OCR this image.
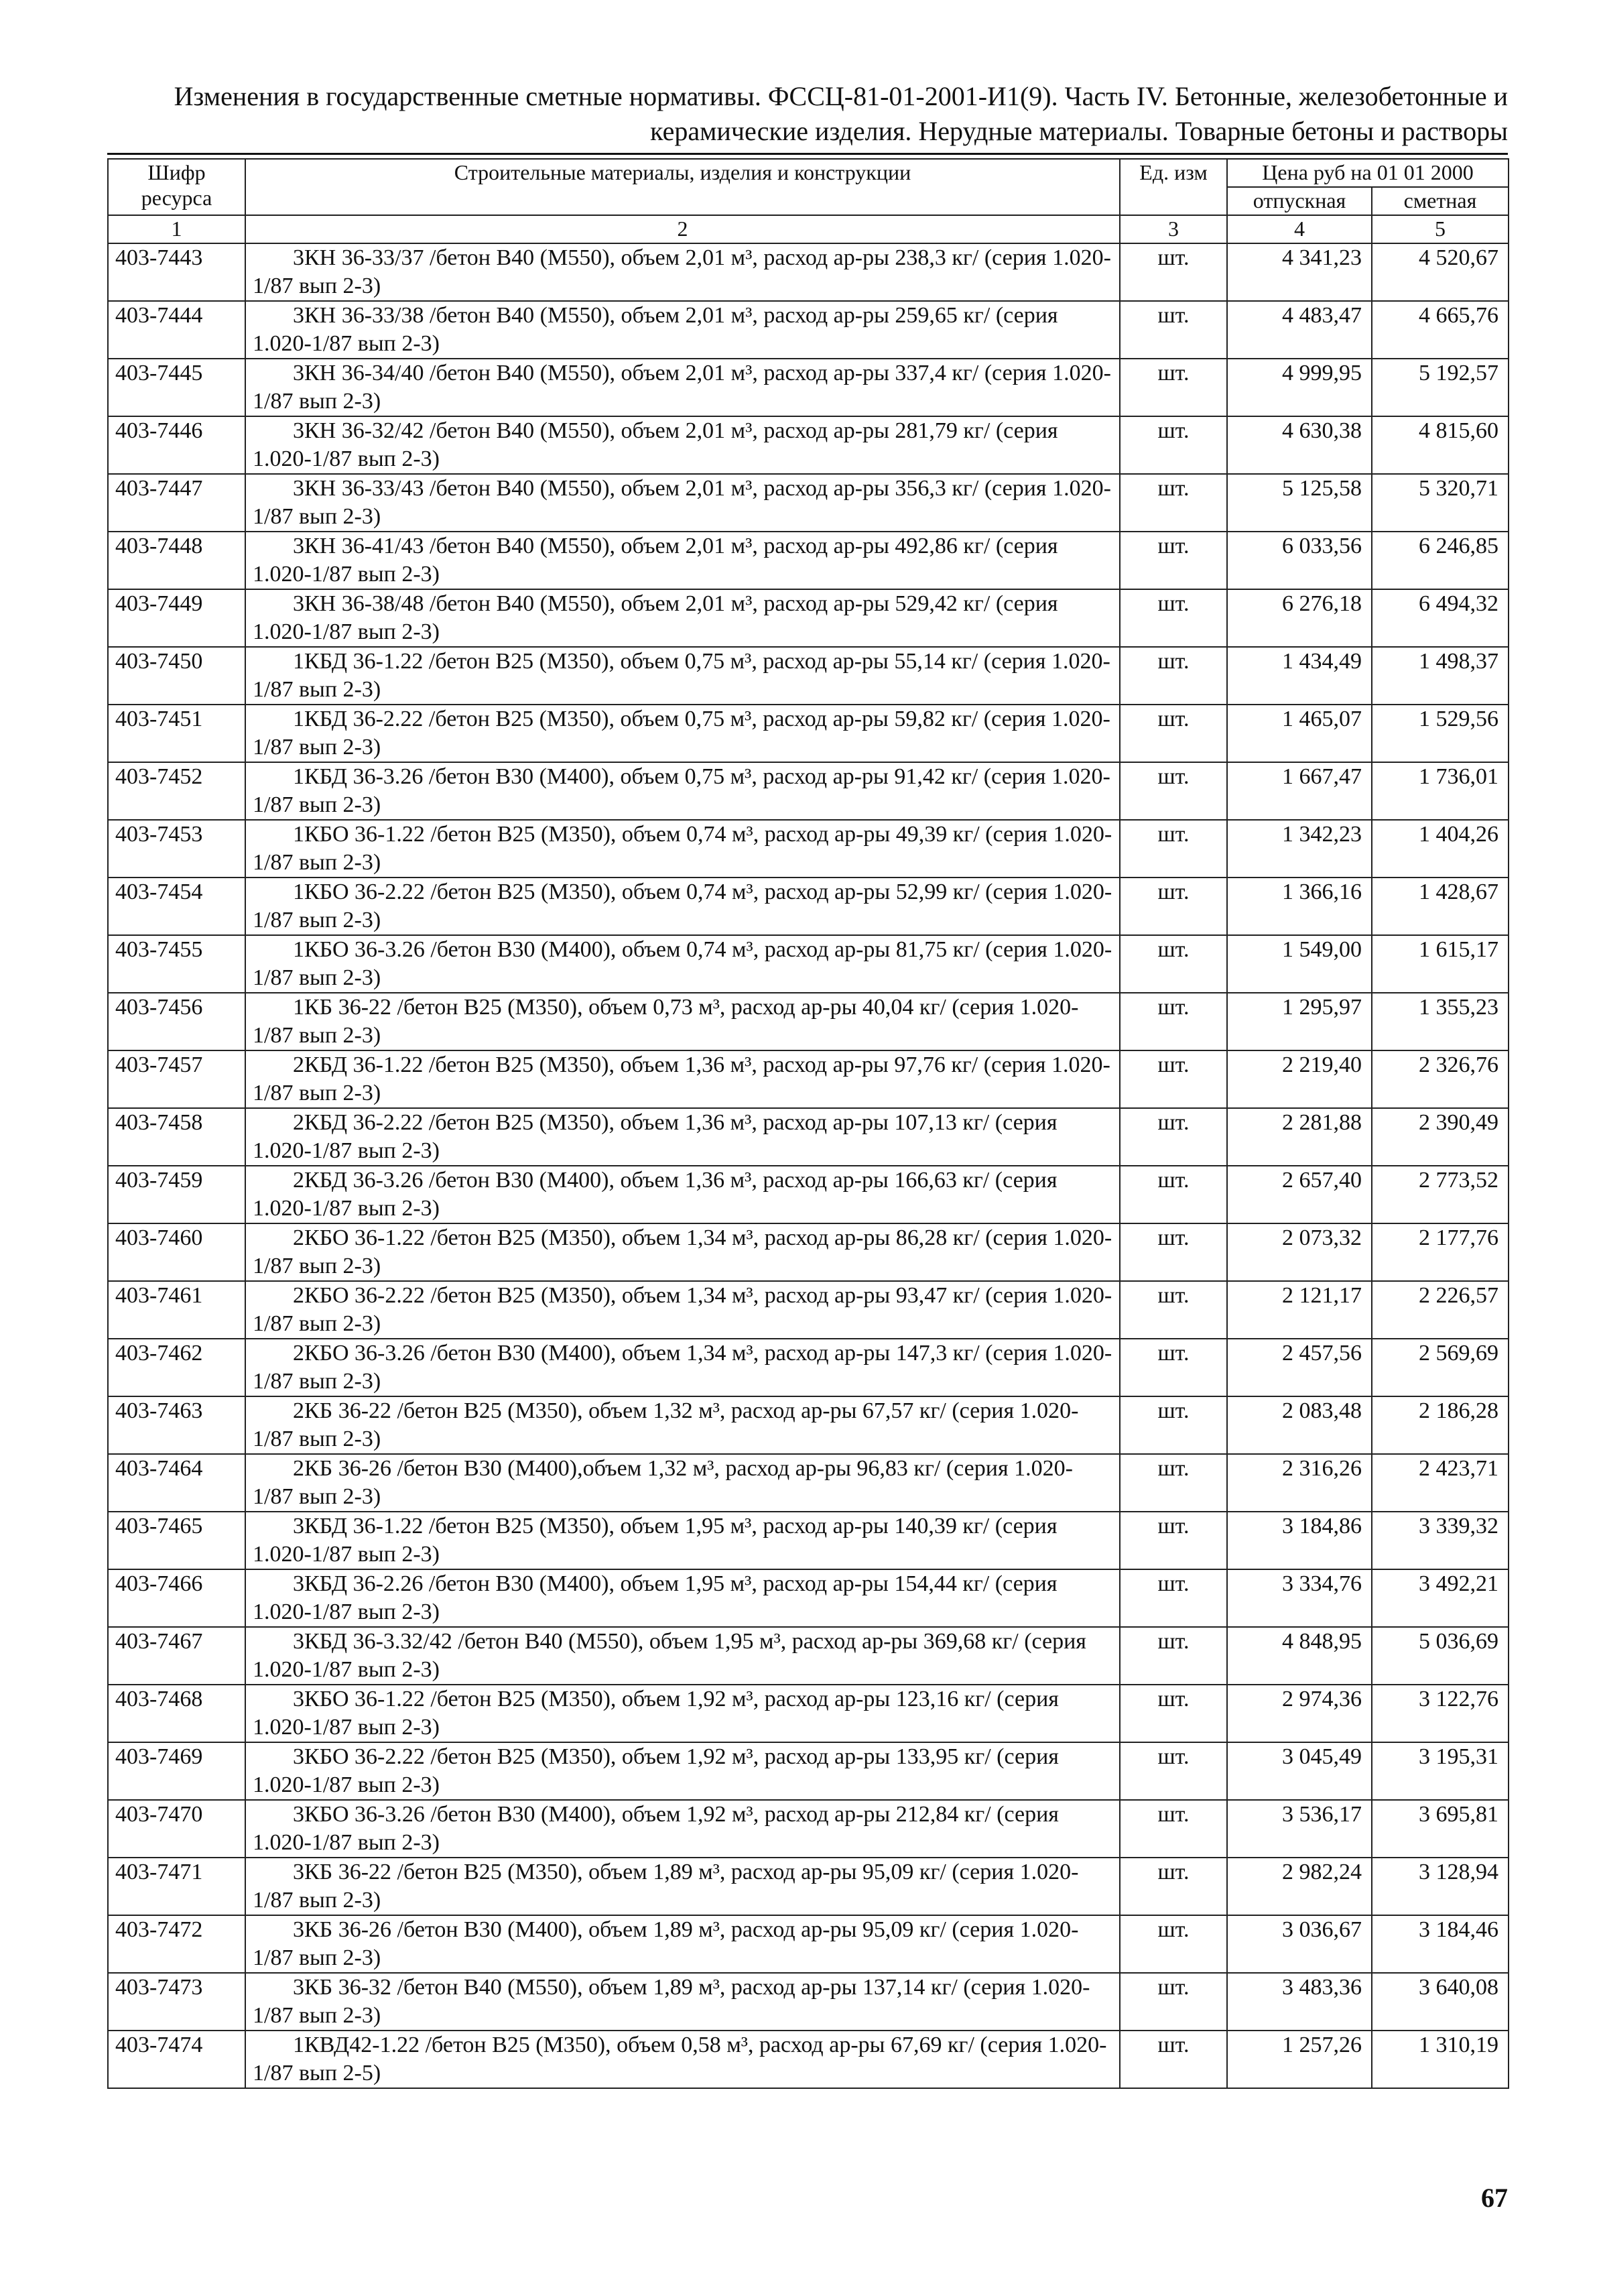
Изменения в государственные сметные нормативы. ФССЦ-81-01-2001-И1(9). Часть IV. Бетонные, железобетонные и
керамические изделия. Нерудные материалы. Товарные бетоны и растворы
Шифр ресурса	Строительные материалы, изделия и конструкции	Ед. изм	Цена руб на 01 01 2000	
			отпускная	сметная
1	2	3	4	5
403-7443	3КН 36-33/37 /бетон В40 (М550), объем 2,01 м³, расход ар-ры 238,3 кг/ (серия 1.020-1/87 вып 2-3)	шт.	4 341,23	4 520,67
403-7444	3КН 36-33/38 /бетон В40 (М550), объем 2,01 м³, расход ар-ры 259,65 кг/ (серия 1.020-1/87 вып 2-3)	шт.	4 483,47	4 665,76
403-7445	3КН 36-34/40 /бетон В40 (М550), объем 2,01 м³, расход ар-ры 337,4 кг/ (серия 1.020-1/87 вып 2-3)	шт.	4 999,95	5 192,57
403-7446	3КН 36-32/42 /бетон В40 (М550), объем 2,01 м³, расход ар-ры 281,79 кг/ (серия 1.020-1/87 вып 2-3)	шт.	4 630,38	4 815,60
403-7447	3КН 36-33/43 /бетон В40 (М550), объем 2,01 м³, расход ар-ры 356,3 кг/ (серия 1.020-1/87 вып 2-3)	шт.	5 125,58	5 320,71
403-7448	3КН 36-41/43 /бетон В40 (М550), объем 2,01 м³, расход ар-ры 492,86 кг/ (серия 1.020-1/87 вып 2-3)	шт.	6 033,56	6 246,85
403-7449	3КН 36-38/48 /бетон В40 (М550), объем 2,01 м³, расход ар-ры 529,42 кг/ (серия 1.020-1/87 вып 2-3)	шт.	6 276,18	6 494,32
403-7450	1КБД 36-1.22 /бетон В25 (М350), объем 0,75 м³, расход ар-ры 55,14 кг/ (серия 1.020-1/87 вып 2-3)	шт.	1 434,49	1 498,37
403-7451	1КБД 36-2.22 /бетон В25 (М350), объем 0,75 м³, расход ар-ры 59,82 кг/ (серия 1.020-1/87 вып 2-3)	шт.	1 465,07	1 529,56
403-7452	1КБД 36-3.26 /бетон В30 (М400), объем 0,75 м³, расход ар-ры 91,42 кг/ (серия 1.020-1/87 вып 2-3)	шт.	1 667,47	1 736,01
403-7453	1КБО 36-1.22 /бетон В25 (М350), объем 0,74 м³, расход ар-ры 49,39 кг/ (серия 1.020-1/87 вып 2-3)	шт.	1 342,23	1 404,26
403-7454	1КБО 36-2.22 /бетон В25 (М350), объем 0,74 м³, расход ар-ры 52,99 кг/ (серия 1.020-1/87 вып 2-3)	шт.	1 366,16	1 428,67
403-7455	1КБО 36-3.26 /бетон В30 (М400), объем 0,74 м³, расход ар-ры 81,75 кг/ (серия 1.020-1/87 вып 2-3)	шт.	1 549,00	1 615,17
403-7456	1КБ 36-22 /бетон В25 (М350), объем 0,73 м³, расход ар-ры 40,04 кг/ (серия 1.020-1/87 вып 2-3)	шт.	1 295,97	1 355,23
403-7457	2КБД 36-1.22 /бетон В25 (М350), объем 1,36 м³, расход ар-ры 97,76 кг/ (серия 1.020-1/87 вып 2-3)	шт.	2 219,40	2 326,76
403-7458	2КБД 36-2.22 /бетон В25 (М350), объем 1,36 м³, расход ар-ры 107,13 кг/ (серия 1.020-1/87 вып 2-3)	шт.	2 281,88	2 390,49
403-7459	2КБД 36-3.26 /бетон В30 (М400), объем 1,36 м³, расход ар-ры 166,63 кг/ (серия 1.020-1/87 вып 2-3)	шт.	2 657,40	2 773,52
403-7460	2КБО 36-1.22 /бетон В25 (М350), объем 1,34 м³, расход ар-ры 86,28 кг/ (серия 1.020-1/87 вып 2-3)	шт.	2 073,32	2 177,76
403-7461	2КБО 36-2.22 /бетон В25 (М350), объем 1,34 м³, расход ар-ры 93,47 кг/ (серия 1.020-1/87 вып 2-3)	шт.	2 121,17	2 226,57
403-7462	2КБО 36-3.26 /бетон В30 (М400), объем 1,34 м³, расход ар-ры 147,3 кг/ (серия 1.020-1/87 вып 2-3)	шт.	2 457,56	2 569,69
403-7463	2КБ 36-22 /бетон В25 (М350), объем 1,32 м³, расход ар-ры 67,57 кг/ (серия 1.020-1/87 вып 2-3)	шт.	2 083,48	2 186,28
403-7464	2КБ 36-26 /бетон В30 (М400),объем 1,32 м³, расход ар-ры 96,83 кг/ (серия 1.020-1/87 вып 2-3)	шт.	2 316,26	2 423,71
403-7465	3КБД 36-1.22 /бетон В25 (М350), объем 1,95 м³, расход ар-ры 140,39 кг/ (серия 1.020-1/87 вып 2-3)	шт.	3 184,86	3 339,32
403-7466	3КБД 36-2.26 /бетон В30 (М400), объем 1,95 м³, расход ар-ры 154,44 кг/ (серия 1.020-1/87 вып 2-3)	шт.	3 334,76	3 492,21
403-7467	3КБД 36-3.32/42 /бетон В40 (М550), объем 1,95 м³, расход ар-ры 369,68 кг/ (серия 1.020-1/87 вып 2-3)	шт.	4 848,95	5 036,69
403-7468	3КБО 36-1.22 /бетон В25 (М350), объем 1,92 м³, расход ар-ры 123,16 кг/ (серия 1.020-1/87 вып 2-3)	шт.	2 974,36	3 122,76
403-7469	3КБО 36-2.22 /бетон В25 (М350), объем 1,92 м³, расход ар-ры 133,95 кг/ (серия 1.020-1/87 вып 2-3)	шт.	3 045,49	3 195,31
403-7470	3КБО 36-3.26 /бетон В30 (М400), объем 1,92 м³, расход ар-ры 212,84 кг/ (серия 1.020-1/87 вып 2-3)	шт.	3 536,17	3 695,81
403-7471	3КБ 36-22 /бетон В25 (М350), объем 1,89 м³, расход ар-ры 95,09 кг/ (серия 1.020-1/87 вып 2-3)	шт.	2 982,24	3 128,94
403-7472	3КБ 36-26 /бетон В30 (М400), объем 1,89 м³, расход ар-ры 95,09 кг/ (серия 1.020-1/87 вып 2-3)	шт.	3 036,67	3 184,46
403-7473	3КБ 36-32 /бетон В40 (М550), объем 1,89 м³, расход ар-ры 137,14 кг/ (серия 1.020-1/87 вып 2-3)	шт.	3 483,36	3 640,08
403-7474	1КВД42-1.22 /бетон В25 (М350), объем 0,58 м³, расход ар-ры 67,69 кг/ (серия 1.020-1/87 вып 2-5)	шт.	1 257,26	1 310,19
67
